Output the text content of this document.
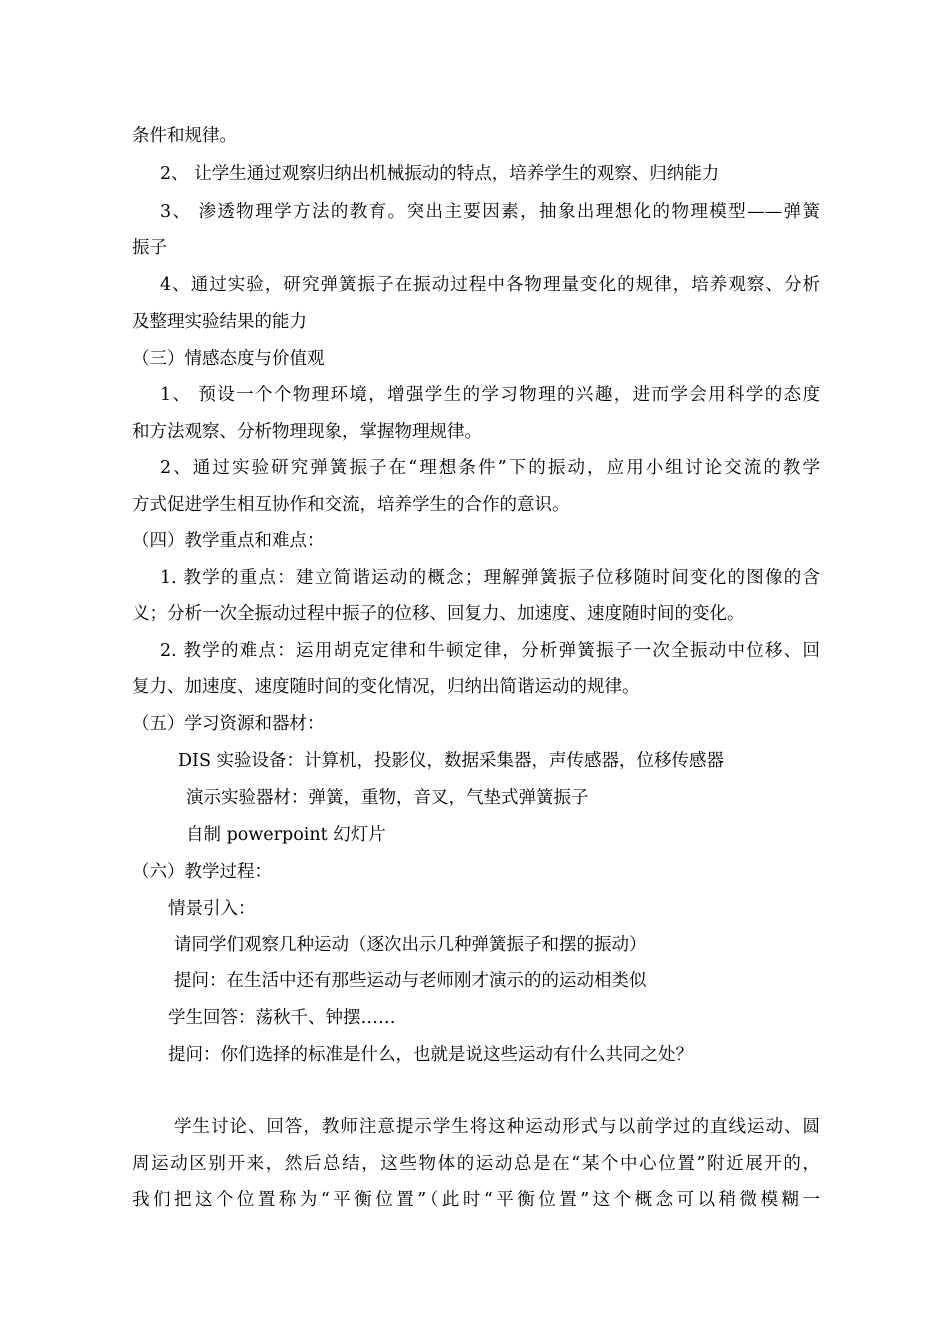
条件和规律。
2、 让学生通过观察归纳出机械振动的特点，培养学生的观察、归纳能力
3、 渗透物理学方法的教育。突出主要因素，抽象出理想化的物理模型——弹簧
振子
4、通过实验，研究弹簧振子在振动过程中各物理量变化的规律，培养观察、分析
及整理实验结果的能力
（三）情感态度与价值观
1、 预设一个个物理环境，增强学生的学习物理的兴趣，进而学会用科学的态度
和方法观察、分析物理现象，掌握物理规律。
2、通过实验研究弹簧振子在“理想条件”下的振动，应用小组讨论交流的教学
方式促进学生相互协作和交流，培养学生的合作的意识。
（四）教学重点和难点：
1. 教学的重点：建立简谐运动的概念；理解弹簧振子位移随时间变化的图像的含
义；分析一次全振动过程中振子的位移、回复力、加速度、速度随时间的变化。
2. 教学的难点：运用胡克定律和牛顿定律，分析弹簧振子一次全振动中位移、回
复力、加速度、速度随时间的变化情况，归纳出简谐运动的规律。
（五）学习资源和器材：
DIS 实验设备：计算机，投影仪，数据采集器，声传感器，位移传感器
演示实验器材：弹簧，重物，音叉，气垫式弹簧振子
自制 powerpoint 幻灯片
（六）教学过程：
情景引入：
请同学们观察几种运动（逐次出示几种弹簧振子和摆的振动）
提问：在生活中还有那些运动与老师刚才演示的的运动相类似
学生回答：荡秋千、钟摆……
提问：你们选择的标准是什么，也就是说这些运动有什么共同之处？
学生讨论、回答，教师注意提示学生将这种运动形式与以前学过的直线运动、圆
周运动区别开来，然后总结，这些物体的运动总是在“某个中心位置”附近展开的，
我们把这个位置称为“平衡位置”（此时“平衡位置”这个概念可以稍微模糊一
